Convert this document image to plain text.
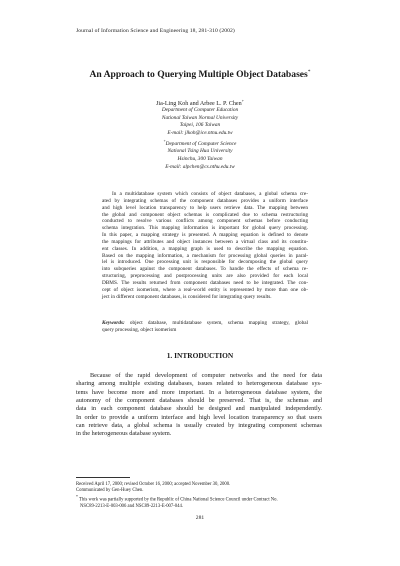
Journal of Information Science and Engineering 18, 281-310 (2002)
An Approach to Querying Multiple Object Databases*
Jia-Ling Koh and Arbee L. P. Chen+
Department of Computer Education
National Taiwan Normal University
Taipei, 106 Taiwan
E-mail: jlkoh@ice.ntnu.edu.tw
+Department of Computer Science
National Tsing Hua University
Hsinchu, 300 Taiwan
E-mail: alpchen@cs.nthu.edu.tw
In a multidatabase system which consists of object databases, a global schema cre-
ated by integrating schemas of the component databases provides a uniform interface
and high level location transparency to help users retrieve data. The mapping between
the global and component object schemas is complicated due to schema restructuring
conducted to resolve various conflicts among component schemas before conducting
schema integration. This mapping information is important for global query processing.
In this paper, a mapping strategy is presented. A mapping equation is defined to denote
the mappings for attributes and object instances between a virtual class and its constitu-
ent classes. In addition, a mapping graph is used to describe the mapping equation.
Based on the mapping information, a mechanism for processing global queries in paral-
lel is introduced. One processing unit is responsible for decomposing the global query
into subqueries against the component databases. To handle the effects of schema re-
structuring, preprocessing and postprocessing units are also provided for each local
DBMS. The results returned from component databases need to be integrated. The con-
cept of object isomerism, where a real-world entity is represented by more than one ob-
ject in different component databases, is considered for integrating query results.
Keywords: object database, multidatabase system, schema mapping strategy, global
query processing, object isomerism
1. INTRODUCTION
Because of the rapid development of computer networks and the need for data
sharing among multiple existing databases, issues related to heterogeneous database sys-
tems have become more and more important. In a heterogeneous database system, the
autonomy of the component databases should be preserved. That is, the schemas and
data in each component database should be designed and manipulated independently.
In order to provide a uniform interface and high level location transparency so that users
can retrieve data, a global schema is usually created by integrating component schemas
in the heterogeneous database system.
Received April 17, 2000; revised October 16, 2000; accepted November 30, 2000.
Communicated by Gen-Huey Chen.
* This work was partially supported by the Republic of China National Science Council under Contract No.
NSC89-2213-E-003-006 and NSC89-2213-E-007-044.
281
